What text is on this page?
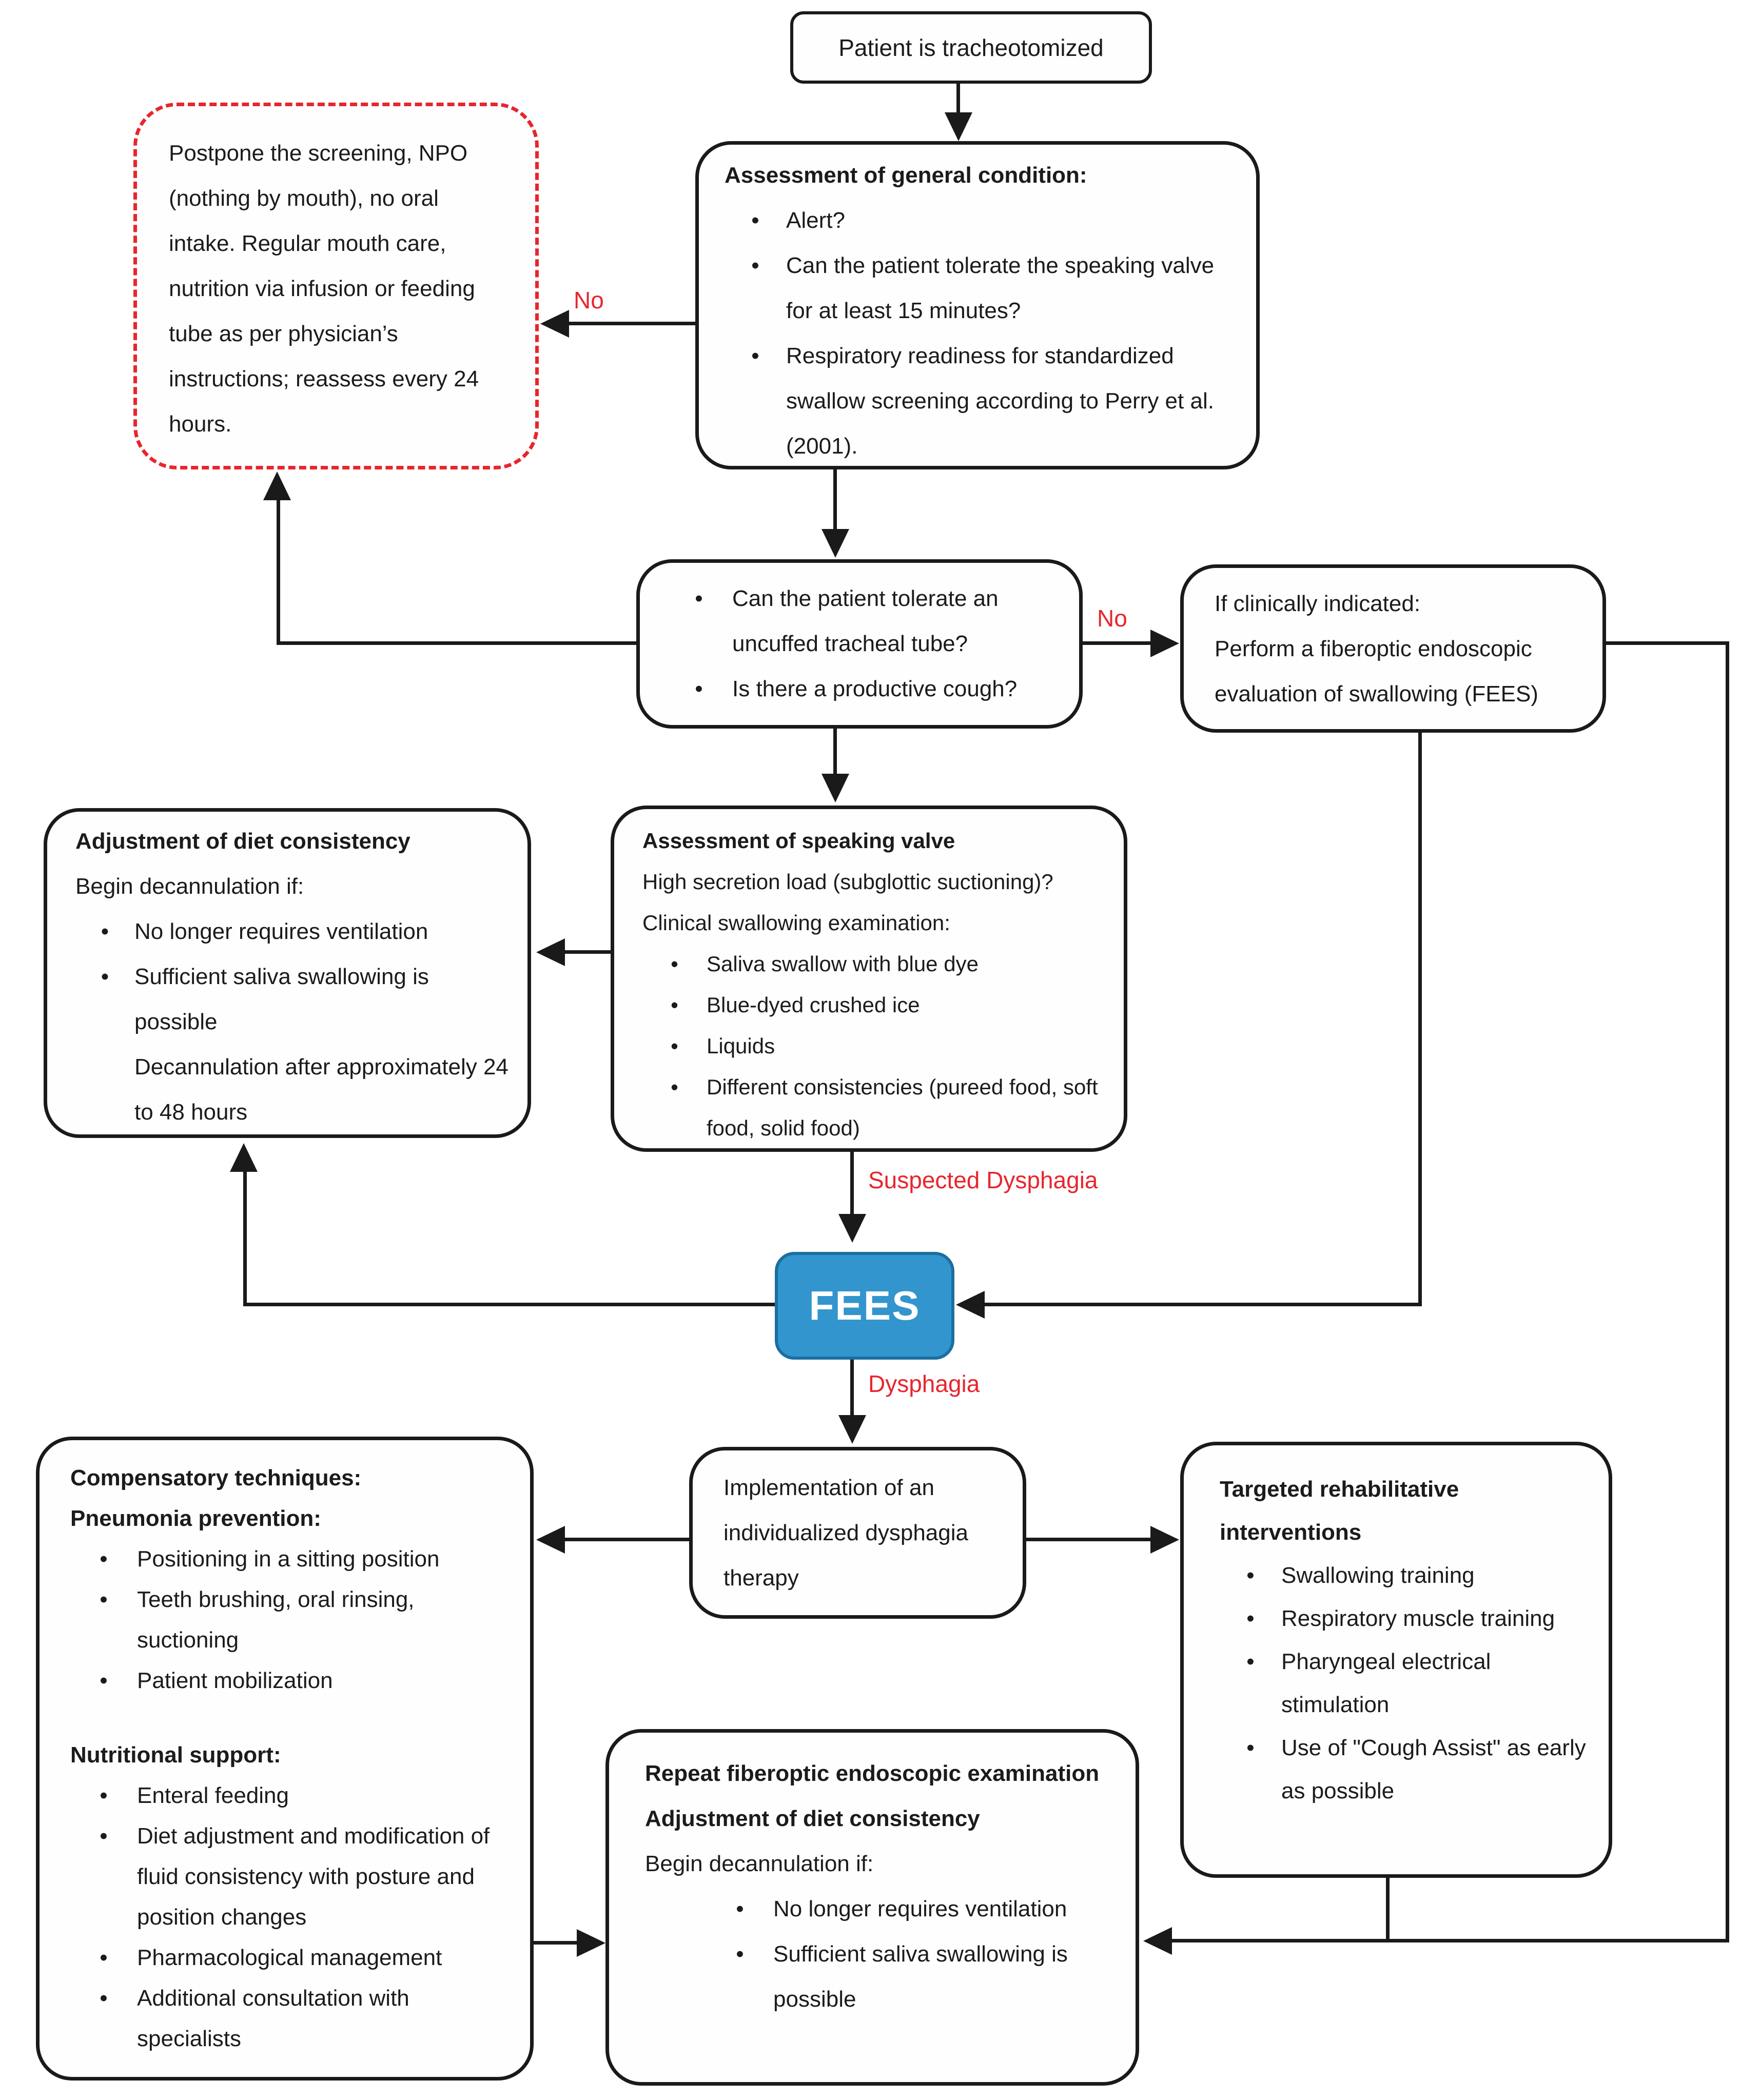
Patient is tracheotomized
Assessment of general condition:
•
Alert?
•
Can the patient tolerate the speaking valve for at least 15 minutes?
•
Respiratory readiness for standardized swallow screening according to Perry et al. (2001).
Postpone the screening, NPO (nothing by mouth), no oral intake. Regular mouth care, nutrition via infusion or feeding tube as per physician’s instructions; reassess every 24 hours.
•
Can the patient tolerate an uncuffed tracheal tube?
•
Is there a productive cough?
If clinically indicated:
Perform a fiberoptic endoscopic evaluation of swallowing (FEES)
Assessment of speaking valve
High secretion load (subglottic suctioning)?
Clinical swallowing examination:
•
Saliva swallow with blue dye
•
Blue-dyed crushed ice
•
Liquids
•
Different consistencies (pureed food, soft food, solid food)
Adjustment of diet consistency
Begin decannulation if:
•
No longer requires ventilation
•
Sufficient saliva swallowing is possible
Decannulation after approximately 24 to 48 hours
FEES
Implementation of an individualized dysphagia therapy
Compensatory techniques:
Pneumonia prevention:
•
Positioning in a sitting position
•
Teeth brushing, oral rinsing, suctioning
•
Patient mobilization
Nutritional support:
•
Enteral feeding
•
Diet adjustment and modification of fluid consistency with posture and position changes
•
Pharmacological management
•
Additional consultation with specialists
Targeted rehabilitative interventions
•
Swallowing training
•
Respiratory muscle training
•
Pharyngeal electrical stimulation
•
Use of "Cough Assist" as early as possible
Repeat fiberoptic endoscopic examination
Adjustment of diet consistency
Begin decannulation if:
•
No longer requires ventilation
•
Sufficient saliva swallowing is possible
No
No
Suspected Dysphagia
Dysphagia
